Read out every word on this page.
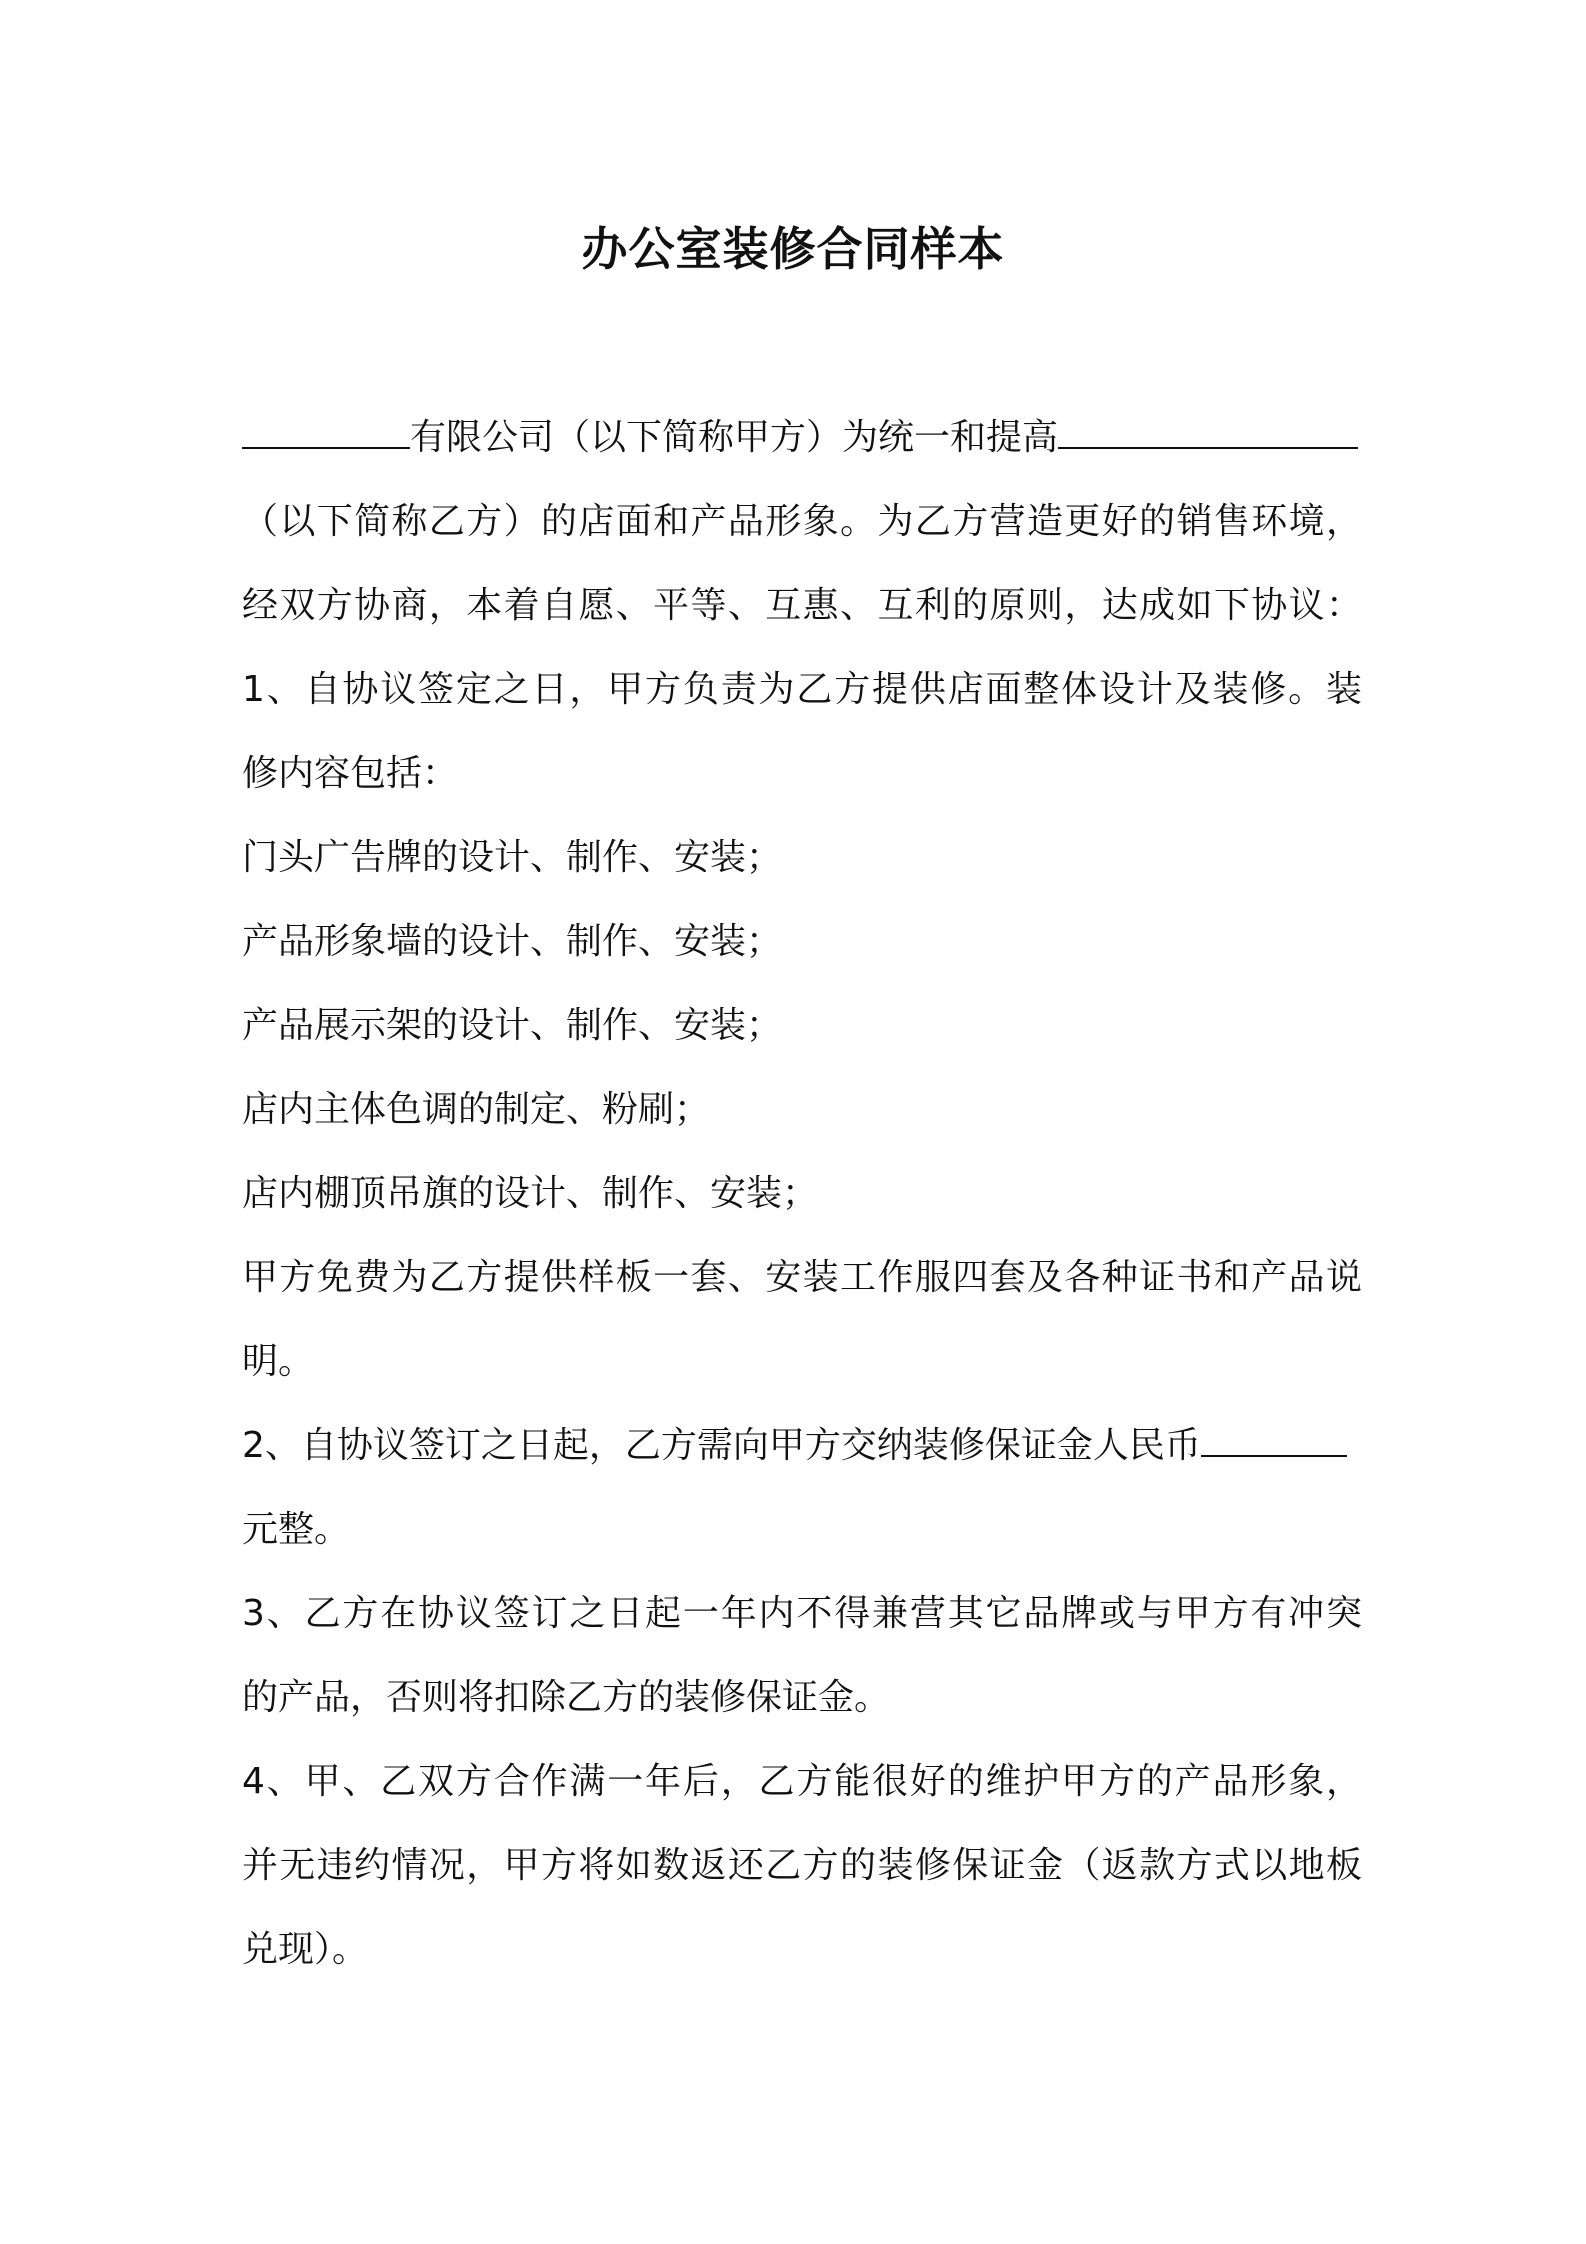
办公室装修合同样本
有限公司（以下简称甲方）为统一和提高
（以下简称乙方）的店面和产品形象。为乙方营造更好的销售环境，
经双方协商，本着自愿、平等、互惠、互利的原则，达成如下协议：
1、自协议签定之日，甲方负责为乙方提供店面整体设计及装修。装
修内容包括：
门头广告牌的设计、制作、安装；
产品形象墙的设计、制作、安装；
产品展示架的设计、制作、安装；
店内主体色调的制定、粉刷；
店内棚顶吊旗的设计、制作、安装；
甲方免费为乙方提供样板一套、安装工作服四套及各种证书和产品说
明。
2、自协议签订之日起，乙方需向甲方交纳装修保证金人民币
元整。
3、乙方在协议签订之日起一年内不得兼营其它品牌或与甲方有冲突
的产品，否则将扣除乙方的装修保证金。
4、甲、乙双方合作满一年后，乙方能很好的维护甲方的产品形象，
并无违约情况，甲方将如数返还乙方的装修保证金（返款方式以地板
兑现）。
